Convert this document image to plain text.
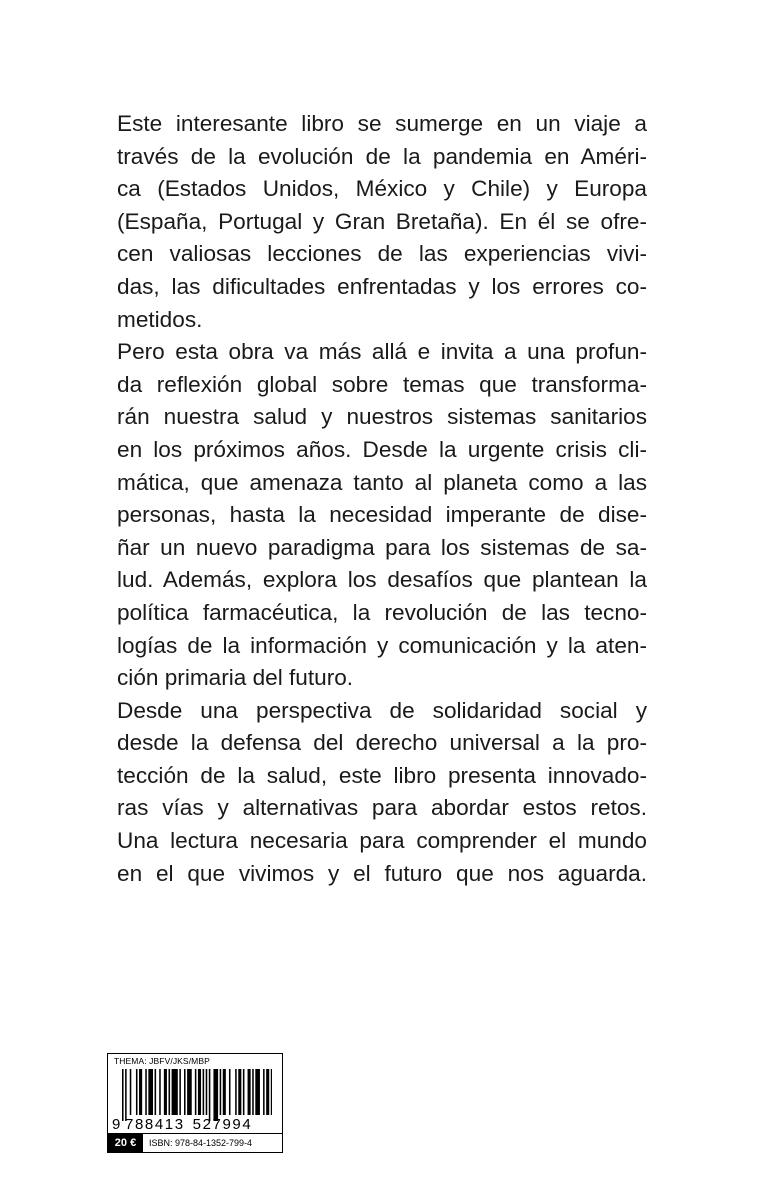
Este interesante libro se sumerge en un viaje a
través de la evolución de la pandemia en Améri-
ca (Estados Unidos, México y Chile) y Europa
(España, Portugal y Gran Bretaña). En él se ofre-
cen valiosas lecciones de las experiencias vivi-
das, las dificultades enfrentadas y los errores co-
metidos.
Pero esta obra va más allá e invita a una profun-
da reflexión global sobre temas que transforma-
rán nuestra salud y nuestros sistemas sanitarios
en los próximos años. Desde la urgente crisis cli-
mática, que amenaza tanto al planeta como a las
personas, hasta la necesidad imperante de dise-
ñar un nuevo paradigma para los sistemas de sa-
lud. Además, explora los desafíos que plantean la
política farmacéutica, la revolución de las tecno-
logías de la información y comunicación y la aten-
ción primaria del futuro.
Desde una perspectiva de solidaridad social y
desde la defensa del derecho universal a la pro-
tección de la salud, este libro presenta innovado-
ras vías y alternativas para abordar estos retos.
Una lectura necesaria para comprender el mundo
en el que vivimos y el futuro que nos aguarda.
THEMA: JBFV/JKS/MBP
9 788413 527994
20 €	ISBN: 978-84-1352-799-4
